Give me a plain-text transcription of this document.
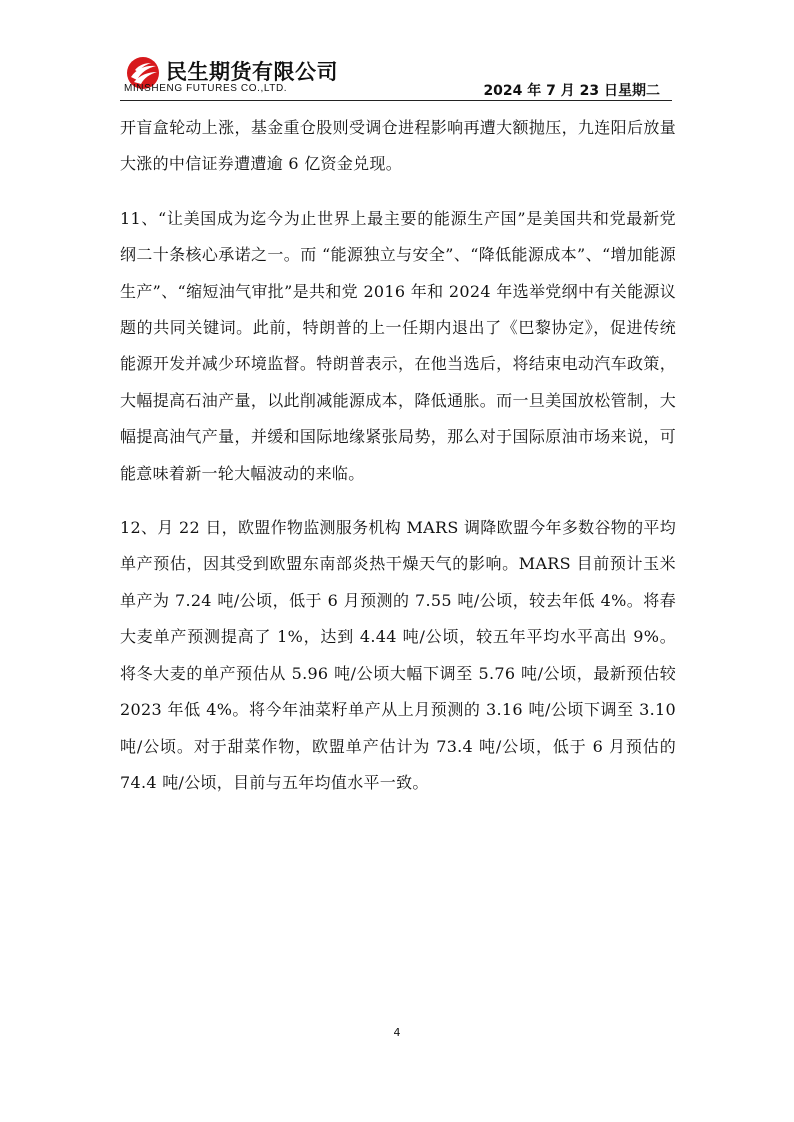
民生期货有限公司
MINSHENG FUTURES CO.,LTD.	2024 年 7 月 23 日星期二

开盲盒轮动上涨，基金重仓股则受调仓进程影响再遭大额抛压，九连阳后放量大涨的中信证券遭遭逾 6 亿资金兑现。

11、“让美国成为迄今为止世界上最主要的能源生产国”是美国共和党最新党纲二十条核心承诺之一。而 “能源独立与安全”、“降低能源成本”、“增加能源生产”、“缩短油气审批”是共和党 2016 年和 2024 年选举党纲中有关能源议题的共同关键词。此前，特朗普的上一任期内退出了《巴黎协定》，促进传统能源开发并减少环境监督。特朗普表示，在他当选后，将结束电动汽车政策，大幅提高石油产量，以此削减能源成本，降低通胀。而一旦美国放松管制，大幅提高油气产量，并缓和国际地缘紧张局势，那么对于国际原油市场来说，可能意味着新一轮大幅波动的来临。

12、月 22 日，欧盟作物监测服务机构 MARS 调降欧盟今年多数谷物的平均单产预估，因其受到欧盟东南部炎热干燥天气的影响。MARS 目前预计玉米单产为 7.24 吨/公顷，低于 6 月预测的 7.55 吨/公顷，较去年低 4%。将春大麦单产预测提高了 1%，达到 4.44 吨/公顷，较五年平均水平高出 9%。将冬大麦的单产预估从 5.96 吨/公顷大幅下调至 5.76 吨/公顷，最新预估较 2023 年低 4%。将今年油菜籽单产从上月预测的 3.16 吨/公顷下调至 3.10 吨/公顷。对于甜菜作物，欧盟单产估计为 73.4 吨/公顷，低于 6 月预估的 74.4 吨/公顷，目前与五年均值水平一致。

4
